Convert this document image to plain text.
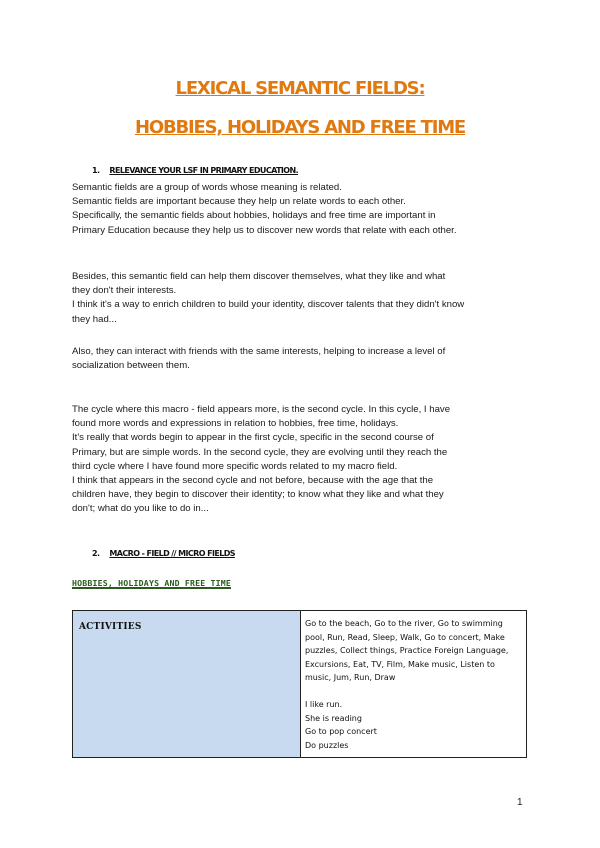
LEXICAL SEMANTIC FIELDS:
HOBBIES, HOLIDAYS AND FREE TIME
1. RELEVANCE YOUR LSF IN PRIMARY EDUCATION.
Semantic fields are a group of words whose meaning is related.
Semantic fields are important because they help un relate words to each other.
Specifically, the semantic fields about hobbies, holidays and free time are important in
Primary Education because they help us to discover new words that relate with each other.
Besides, this semantic field can help them discover themselves, what they like and what
they don't their interests.
I think it's a way to enrich children to build your identity, discover talents that they didn't know
they had...
Also, they can interact with friends with the same interests, helping to increase a level of
socialization between them.
The cycle where this macro - field appears more, is the second cycle. In this cycle, I have
found more words and expressions in relation to hobbies, free time, holidays.
It's really that words begin to appear in the first cycle, specific in the second course of
Primary, but are simple words. In the second cycle, they are evolving until they reach the
third cycle where I have found more specific words related to my macro field.
I think that appears in the second cycle and not before, because with the age that the
children have, they begin to discover their identity; to know what they like and what they
don't; what do you like to do in...
2. MACRO - FIELD // MICRO FIELDS
HOBBIES, HOLIDAYS AND FREE TIME
ACTIVITIES	Go to the beach, Go to the river, Go to swimming pool, Run, Read, Sleep, Walk, Go to concert, Make puzzles, Collect things, Practice Foreign Language, Excursions, Eat, TV, Film, Make music, Listen to music, Jum, Run, Draw
I like run.
She is reading
Go to pop concert
Do puzzles
1
